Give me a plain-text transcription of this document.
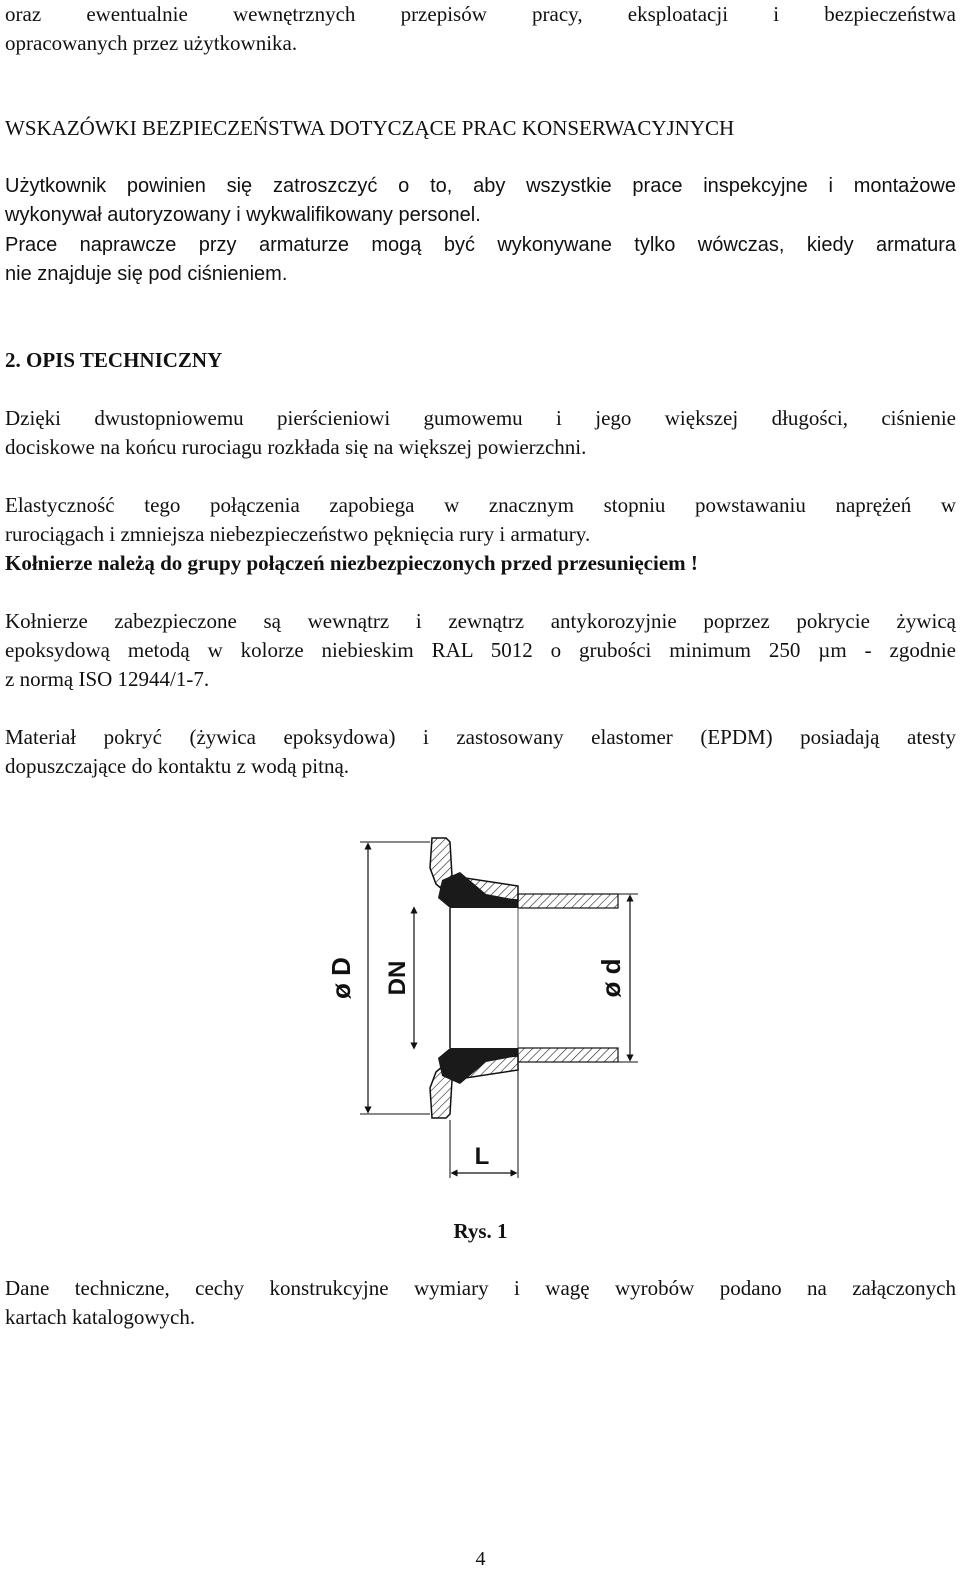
oraz ewentualnie wewnętrznych przepisów pracy, eksploatacji i bezpieczeństwa
opracowanych przez użytkownika.

WSKAZÓWKI BEZPIECZEŃSTWA DOTYCZĄCE PRAC KONSERWACYJNYCH

Użytkownik powinien się zatroszczyć o to, aby wszystkie prace inspekcyjne i montażowe
wykonywał autoryzowany i wykwalifikowany personel.

Prace naprawcze przy armaturze mogą być wykonywane tylko wówczas, kiedy armatura
nie znajduje się pod ciśnieniem.

2. OPIS TECHNICZNY

Dzięki dwustopniowemu pierścieniowi gumowemu i jego większej długości, ciśnienie
dociskowe na końcu rurociagu rozkłada się na większej powierzchni.

Elastyczność tego połączenia zapobiega w znacznym stopniu powstawaniu naprężeń w
rurociągach i zmniejsza niebezpieczeństwo pęknięcia rury i armatury.
Kołnierze należą do grupy połączeń niezbezpieczonych przed przesunięciem !

Kołnierze zabezpieczone są wewnątrz i zewnątrz antykorozyjnie poprzez pokrycie żywicą
epoksydową metodą w kolorze niebieskim RAL 5012 o grubości minimum 250 µm - zgodnie
z normą ISO 12944/1-7.

Materiał pokryć (żywica epoksydowa) i zastosowany elastomer (EPDM) posiadają atesty
dopuszczające do kontaktu z wodą pitną.

Rys. 1

Dane techniczne, cechy konstrukcyjne wymiary i wagę wyrobów podano na załączonych
kartach katalogowych.

4
ø D DN	ø d
L
